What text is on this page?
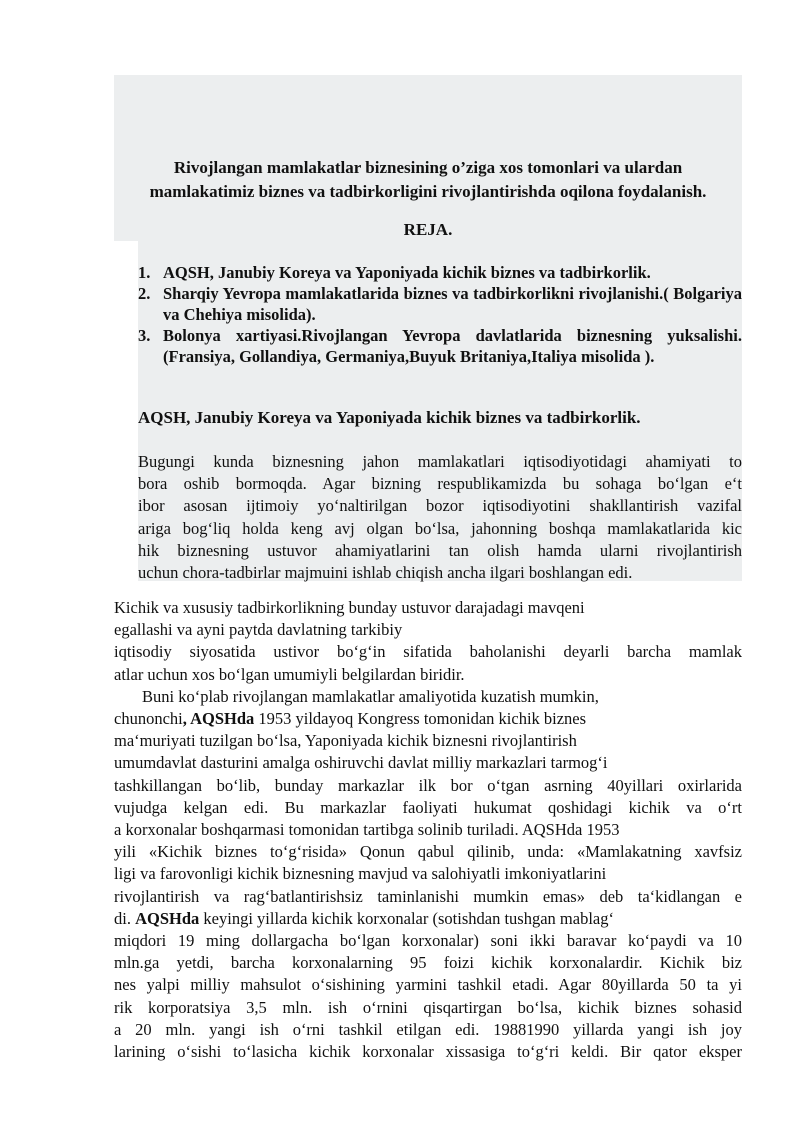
Rivojlangan mamlakatlar biznesining o’ziga xos tomonlari va ulardan
mamlakatimiz biznes va tadbirkorligini rivojlantirishda oqilona foydalanish.
REJA.
1. AQSH, Janubiy Koreya va Yaponiyada kichik biznes va tadbirkorlik.
2. Sharqiy Yevropa mamlakatlarida biznes va tadbirkorlikni rivojlanishi.( Bolgariya va Chehiya misolida).
3. Bolonya xartiyasi.Rivojlangan Yevropa davlatlarida biznesning yuksalishi.(Fransiya, Gollandiya, Germaniya,Buyuk Britaniya,Italiya misolida ).
AQSH, Janubiy Koreya va Yaponiyada kichik biznes va tadbirkorlik.
Bugungi kunda biznesning jahon mamlakatlari iqtisodiyotidagi ahamiyati to
bora oshib bormoqda. Agar bizning respublikamizda bu sohaga bo‘lgan e‘t
ibor asosan ijtimoiy yo‘naltirilgan bozor iqtisodiyotini shakllantirish vazifal
ariga bog‘liq holda keng avj olgan bo‘lsa, jahonning boshqa mamlakatlarida kic
hik biznesning ustuvor ahamiyatlarini tan olish hamda ularni rivojlantirish
uchun chora-tadbirlar majmuini ishlab chiqish ancha ilgari boshlangan edi.
Kichik va xususiy tadbirkorlikning bunday ustuvor darajadagi mavqeni
egallashi va ayni paytda davlatning tarkibiy
iqtisodiy siyosatida ustivor bo‘g‘in sifatida baholanishi deyarli barcha mamlak
atlar uchun xos bo‘lgan umumiyli belgilardan biridir.
Buni ko‘plab rivojlangan mamlakatlar amaliyotida kuzatish mumkin,
chunonchi, AQSHda 1953 yildayoq Kongress tomonidan kichik biznes
ma‘muriyati tuzilgan bo‘lsa, Yaponiyada kichik biznesni rivojlantirish
umumdavlat dasturini amalga oshiruvchi davlat milliy markazlari tarmog‘i
tashkillangan bo‘lib, bunday markazlar ilk bor o‘tgan asrning 40yillari oxirlarida
vujudga kelgan edi. Bu markazlar faoliyati hukumat qoshidagi kichik va o‘rt
a korxonalar boshqarmasi tomonidan tartibga solinib turiladi. AQSHda 1953
yili «Kichik biznes to‘g‘risida» Qonun qabul qilinib, unda: «Mamlakatning xavfsiz
ligi va farovonligi kichik biznesning mavjud va salohiyatli imkoniyatlarini
rivojlantirish va rag‘batlantirishsiz taminlanishi mumkin emas» deb ta‘kidlangan e
di. AQSHda keyingi yillarda kichik korxonalar (sotishdan tushgan mablag‘
miqdori 19 ming dollargacha bo‘lgan korxonalar) soni ikki baravar ko‘paydi va 10
mln.ga yetdi, barcha korxonalarning 95 foizi kichik korxonalardir. Kichik biz
nes yalpi milliy mahsulot o‘sishining yarmini tashkil etadi. Agar 80yillarda 50 ta yi
rik korporatsiya 3,5 mln. ish o‘rnini qisqartirgan bo‘lsa, kichik biznes sohasid
a 20 mln. yangi ish o‘rni tashkil etilgan edi. 19881990 yillarda yangi ish joy
larining o‘sishi to‘lasicha kichik korxonalar xissasiga to‘g‘ri keldi. Bir qator eksper
